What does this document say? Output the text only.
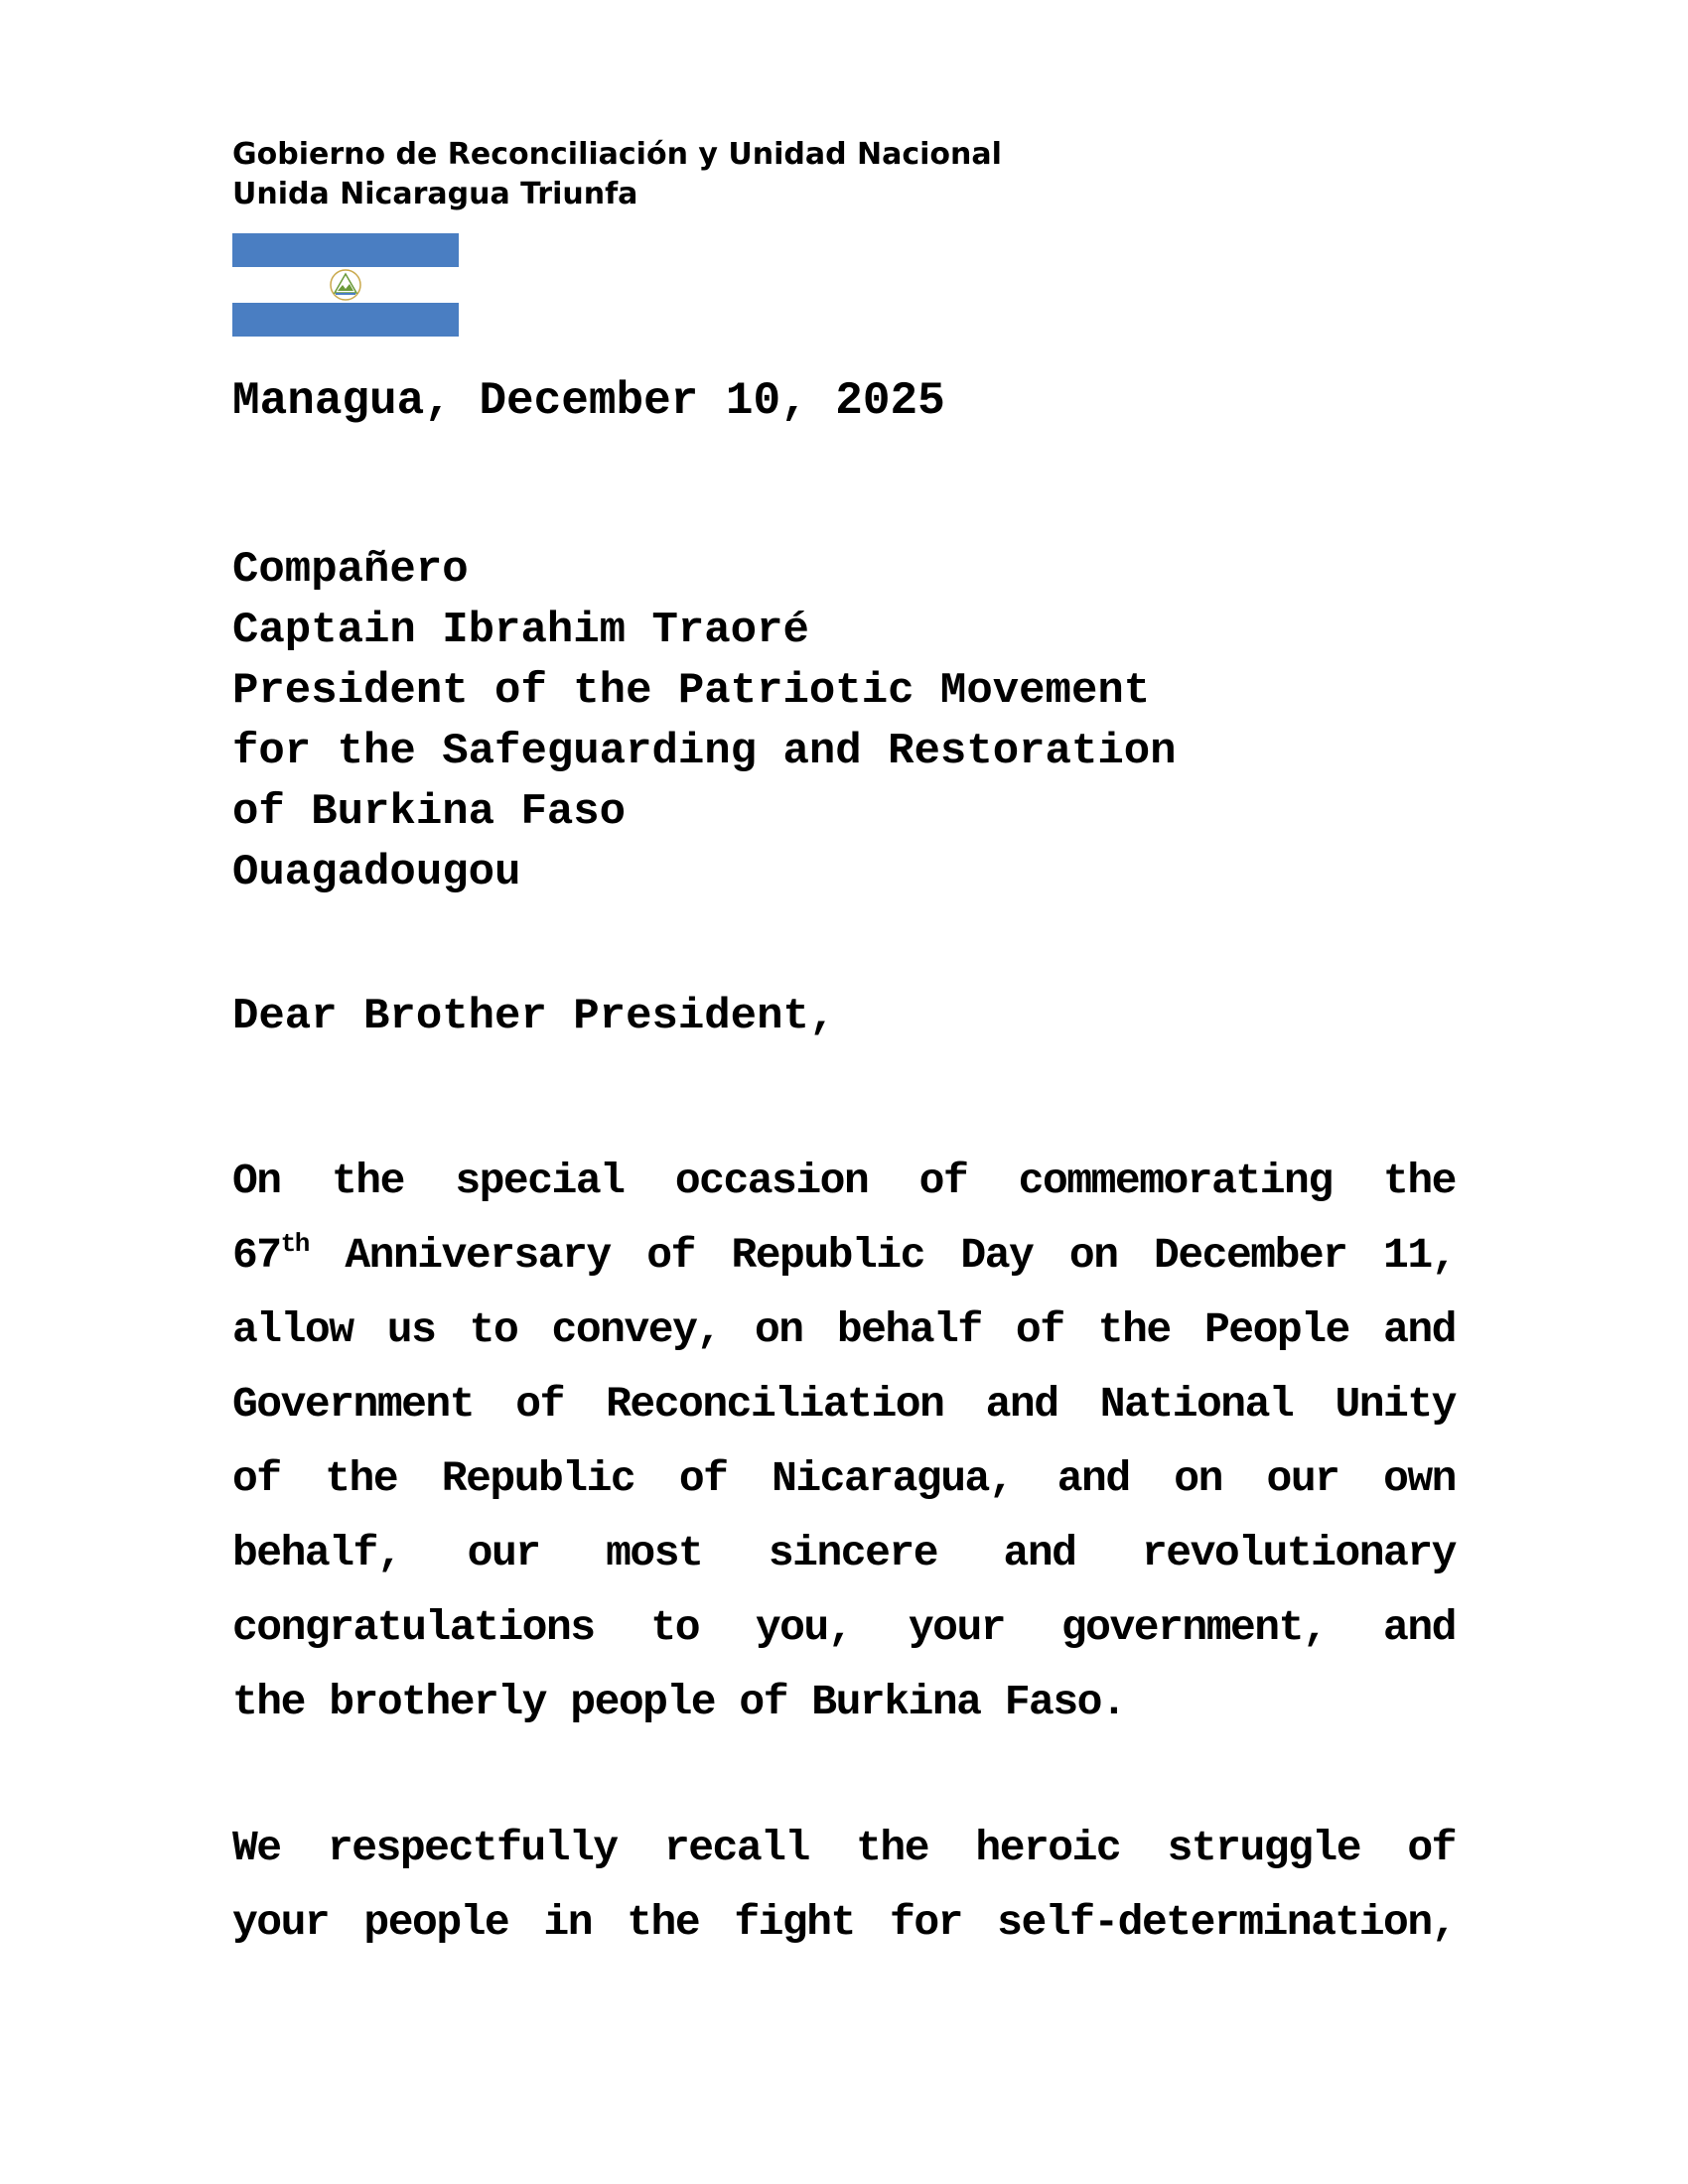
Gobierno de Reconciliación y Unidad Nacional
Unida Nicaragua Triunfa
Managua, December 10, 2025
Compañero
Captain Ibrahim Traoré
President of the Patriotic Movement
for the Safeguarding and Restoration
of Burkina Faso
Ouagadougou
Dear Brother President,
On the special occasion of commemorating the
67th Anniversary of Republic Day on December 11,
allow us to convey, on behalf of the People and
Government of Reconciliation and National Unity
of the Republic of Nicaragua, and on our own
behalf, our most sincere and revolutionary
congratulations to you, your government, and
the brotherly people of Burkina Faso.
We respectfully recall the heroic struggle of
your people in the fight for self-determination,
